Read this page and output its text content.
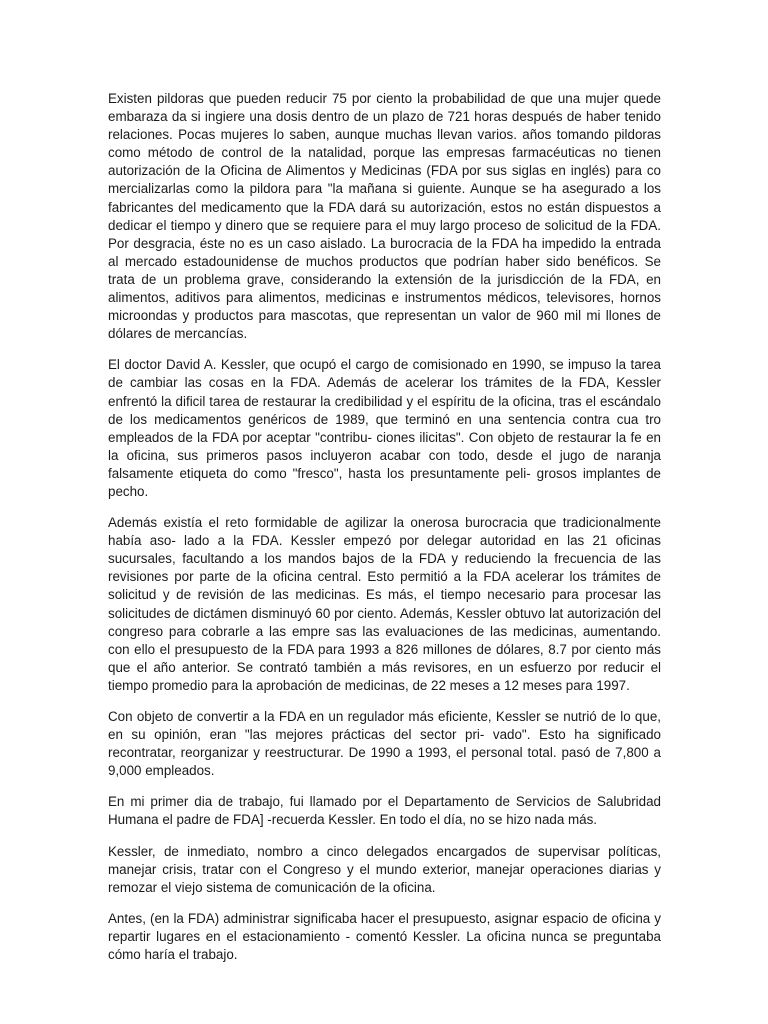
Existen pildoras que pueden reducir 75 por ciento la probabilidad de que una mujer quede embaraza da si ingiere una dosis dentro de un plazo de 721 horas después de haber tenido relaciones. Pocas mujeres lo saben, aunque muchas llevan varios. años tomando pildoras como método de control de la natalidad, porque las empresas farmacéuticas no tienen autorización de la Oficina de Alimentos y Medicinas (FDA por sus siglas en inglés) para co mercializarlas como la pildora para "la mañana si guiente. Aunque se ha asegurado a los fabricantes del medicamento que la FDA dará su autorización, estos no están dispuestos a dedicar el tiempo y dinero que se requiere para el muy largo proceso de solicitud de la FDA. Por desgracia, éste no es un caso aislado. La burocracia de la FDA ha impedido la entrada al mercado estadounidense de muchos productos que podrían haber sido benéficos. Se trata de un problema grave, considerando la extensión de la jurisdicción de la FDA, en alimentos, aditivos para alimentos, medicinas e instrumentos médicos, televisores, hornos microondas y productos para mascotas, que representan un valor de 960 mil mi llones de dólares de mercancías.

El doctor David A. Kessler, que ocupó el cargo de comisionado en 1990, se impuso la tarea de cambiar las cosas en la FDA. Además de acelerar los trámites de la FDA, Kessler enfrentó la dificil tarea de restaurar la credibilidad y el espíritu de la oficina, tras el escándalo de los medicamentos genéricos de 1989, que terminó en una sentencia contra cua tro empleados de la FDA por aceptar "contribu- ciones ilicitas". Con objeto de restaurar la fe en la oficina, sus primeros pasos incluyeron acabar con todo, desde el jugo de naranja falsamente etiqueta do como "fresco", hasta los presuntamente peli- grosos implantes de pecho.

Además existía el reto formidable de agilizar la onerosa burocracia que tradicionalmente había aso- lado a la FDA. Kessler empezó por delegar autoridad en las 21 oficinas sucursales, facultando a los mandos bajos de la FDA y reduciendo la frecuencia de las revisiones por parte de la oficina central. Esto permitió a la FDA acelerar los trámites de solicitud y de revisión de las medicinas. Es más, el tiempo necesario para procesar las solicitudes de dictámen disminuyó 60 por ciento. Además, Kessler obtuvo lat autorización del congreso para cobrarle a las empre sas las evaluaciones de las medicinas, aumentando. con ello el presupuesto de la FDA para 1993 a 826 millones de dólares, 8.7 por ciento más que el año anterior. Se contrató también a más revisores, en un esfuerzo por reducir el tiempo promedio para la aprobación de medicinas, de 22 meses a 12 meses para 1997.

Con objeto de convertir a la FDA en un regulador más eficiente, Kessler se nutrió de lo que, en su opinión, eran "las mejores prácticas del sector pri- vado". Esto ha significado recontratar, reorganizar y reestructurar. De 1990 a 1993, el personal total. pasó de 7,800 a 9,000 empleados.

En mi primer dia de trabajo, fui llamado por el Departamento de Servicios de Salubridad Humana el padre de FDA] -recuerda Kessler. En todo el día, no se hizo nada más.

Kessler, de inmediato, nombro a cinco delegados encargados de supervisar políticas, manejar crisis, tratar con el Congreso y el mundo exterior, manejar operaciones diarias y remozar el viejo sistema de comunicación de la oficina.

Antes, (en la FDA) administrar significaba hacer el presupuesto, asignar espacio de oficina y repartir lugares en el estacionamiento - comentó Kessler. La oficina nunca se preguntaba cómo haría el trabajo.
